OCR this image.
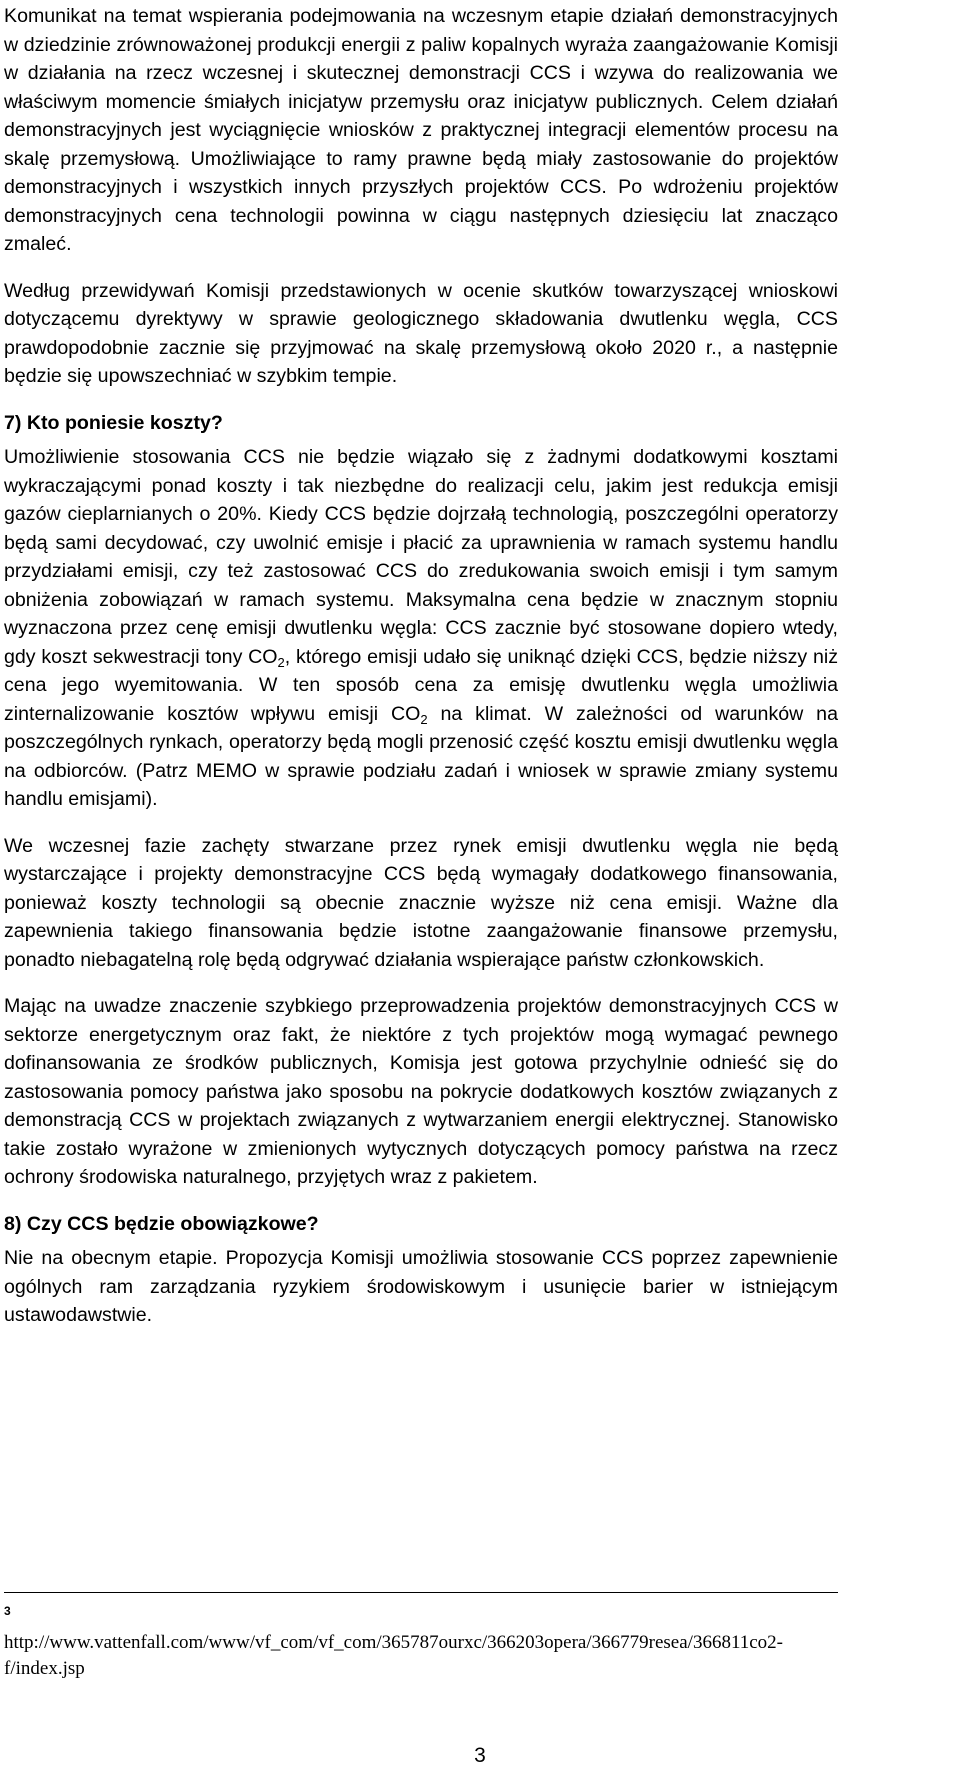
Komunikat na temat wspierania podejmowania na wczesnym etapie działań demonstracyjnych w dziedzinie zrównoważonej produkcji energii z paliw kopalnych wyraża zaangażowanie Komisji w działania na rzecz wczesnej i skutecznej demonstracji CCS i wzywa do realizowania we właściwym momencie śmiałych inicjatyw przemysłu oraz inicjatyw publicznych. Celem działań demonstracyjnych jest wyciągnięcie wniosków z praktycznej integracji elementów procesu na skalę przemysłową. Umożliwiające to ramy prawne będą miały zastosowanie do projektów demonstracyjnych i wszystkich innych przyszłych projektów CCS. Po wdrożeniu projektów demonstracyjnych cena technologii powinna w ciągu następnych dziesięciu lat znacząco zmaleć.

Według przewidywań Komisji przedstawionych w ocenie skutków towarzyszącej wnioskowi dotyczącemu dyrektywy w sprawie geologicznego składowania dwutlenku węgla, CCS prawdopodobnie zacznie się przyjmować na skalę przemysłową około 2020 r., a następnie będzie się upowszechniać w szybkim tempie.

7) Kto poniesie koszty?

Umożliwienie stosowania CCS nie będzie wiązało się z żadnymi dodatkowymi kosztami wykraczającymi ponad koszty i tak niezbędne do realizacji celu, jakim jest redukcja emisji gazów cieplarnianych o 20%. Kiedy CCS będzie dojrzałą technologią, poszczególni operatorzy będą sami decydować, czy uwolnić emisje i płacić za uprawnienia w ramach systemu handlu przydziałami emisji, czy też zastosować CCS do zredukowania swoich emisji i tym samym obniżenia zobowiązań w ramach systemu. Maksymalna cena będzie w znacznym stopniu wyznaczona przez cenę emisji dwutlenku węgla: CCS zacznie być stosowane dopiero wtedy, gdy koszt sekwestracji tony $CO_2$, którego emisji udało się uniknąć dzięki CCS, będzie niższy niż cena jego wyemitowania. W ten sposób cena za emisję dwutlenku węgla umożliwia zinternalizowanie kosztów wpływu emisji $CO_2$ na klimat. W zależności od warunków na poszczególnych rynkach, operatorzy będą mogli przenosić część kosztu emisji dwutlenku węgla na odbiorców. (Patrz MEMO w sprawie podziału zadań i wniosek w sprawie zmiany systemu handlu emisjami).

We wczesnej fazie zachęty stwarzane przez rynek emisji dwutlenku węgla nie będą wystarczające i projekty demonstracyjne CCS będą wymagały dodatkowego finansowania, ponieważ koszty technologii są obecnie znacznie wyższe niż cena emisji. Ważne dla zapewnienia takiego finansowania będzie istotne zaangażowanie finansowe przemysłu, ponadto niebagatelną rolę będą odgrywać działania wspierające państw członkowskich.

Mając na uwadze znaczenie szybkiego przeprowadzenia projektów demonstracyjnych CCS w sektorze energetycznym oraz fakt, że niektóre z tych projektów mogą wymagać pewnego dofinansowania ze środków publicznych, Komisja jest gotowa przychylnie odnieść się do zastosowania pomocy państwa jako sposobu na pokrycie dodatkowych kosztów związanych z demonstracją CCS w projektach związanych z wytwarzaniem energii elektrycznej. Stanowisko takie zostało wyrażone w zmienionych wytycznych dotyczących pomocy państwa na rzecz ochrony środowiska naturalnego, przyjętych wraz z pakietem.

8) Czy CCS będzie obowiązkowe?

Nie na obecnym etapie. Propozycja Komisji umożliwia stosowanie CCS poprzez zapewnienie ogólnych ram zarządzania ryzykiem środowiskowym i usunięcie barier w istniejącym ustawodawstwie.

3
http://www.vattenfall.com/www/vf_com/vf_com/365787ourxc/366203opera/366779resea/366811co2-f/index.jsp
3
